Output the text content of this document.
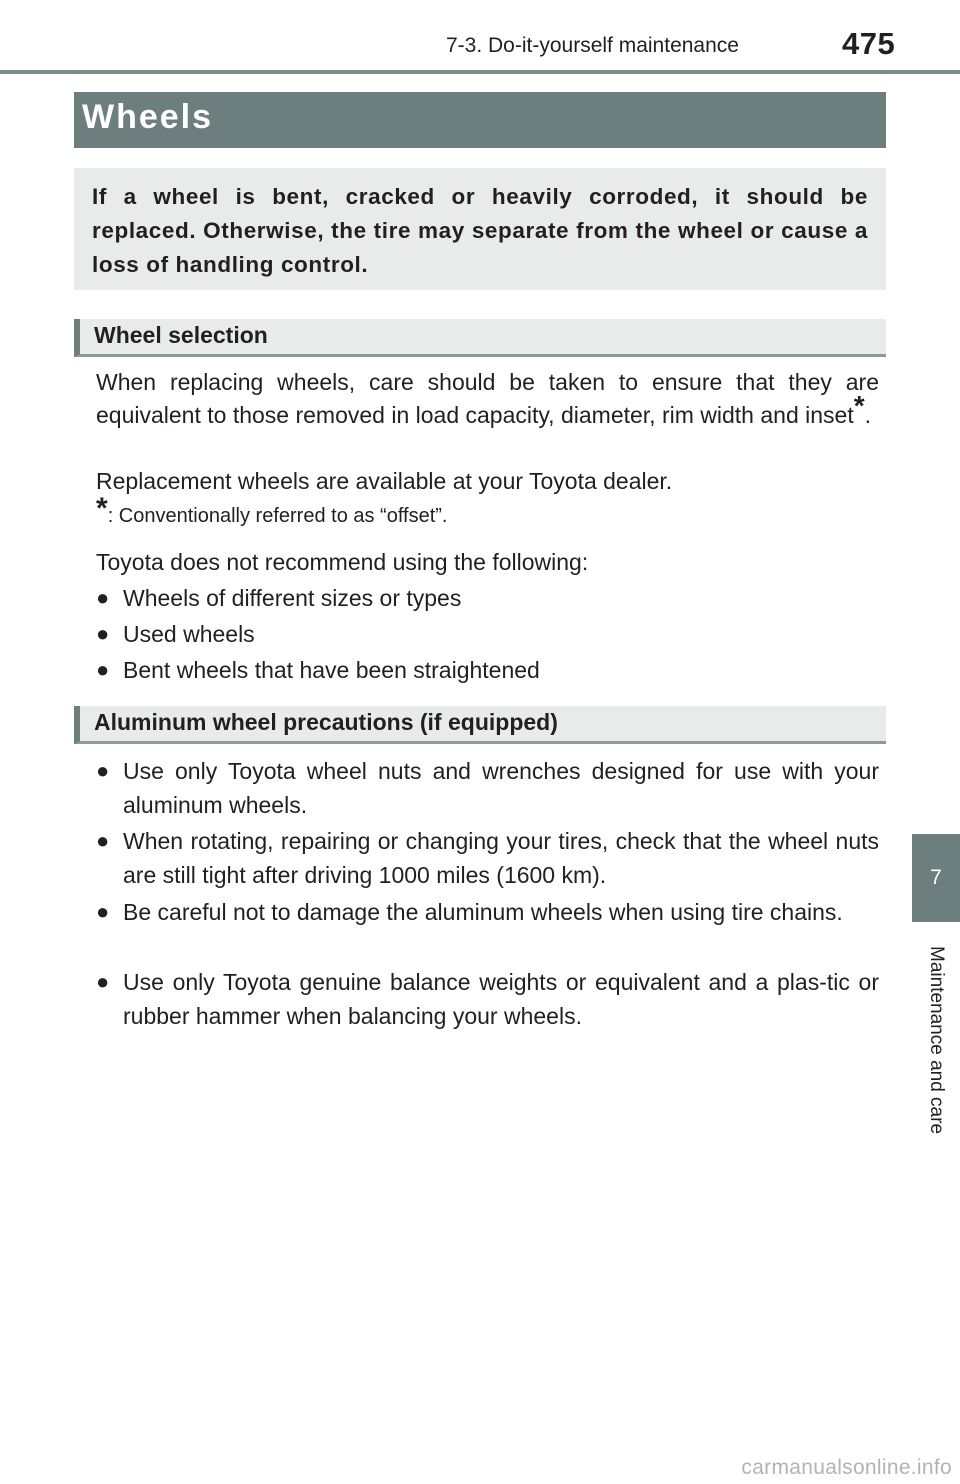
7-3. Do-it-yourself maintenance	475
7
Maintenance and care
Wheels

If a wheel is bent, cracked or heavily corroded, it should be replaced. Otherwise, the tire may separate from the wheel or cause a loss of handling control.

Wheel selection

When replacing wheels, care should be taken to ensure that they are equivalent to those removed in load capacity, diameter, rim width and inset*.

Replacement wheels are available at your Toyota dealer.

*: Conventionally referred to as “offset”.

Toyota does not recommend using the following:

● Wheels of different sizes or types
● Used wheels
● Bent wheels that have been straightened
Aluminum wheel precautions (if equipped)
● Use only Toyota wheel nuts and wrenches designed for use with your aluminum wheels.
● When rotating, repairing or changing your tires, check that the wheel nuts are still tight after driving 1000 miles (1600 km).
● Be careful not to damage the aluminum wheels when using tire chains.
● Use only Toyota genuine balance weights or equivalent and a plas-tic or rubber hammer when balancing your wheels.
carmanualsonline.info
